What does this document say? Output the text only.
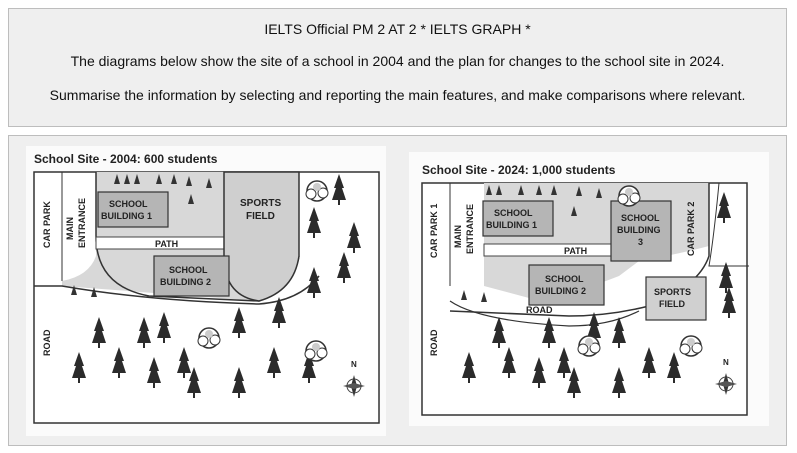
IELTS Official PM 2 AT 2 * IELTS GRAPH *
The diagrams below show the site of a school in 2004 and the plan for changes to the school site in 2024.
Summarise the information by selecting and reporting the main features, and make comparisons where relevant.
School Site - 2004: 600 students
CAR PARK MAIN ENTRANCE	PATH
SPORTS
FIELD
SCHOOL
BUILDING 1
SCHOOL
BUILDING 2
ROAD
N
School Site - 2024: 1,000 students
CAR PARK 1 MAIN ENTRANCE	CAR PARK 2
PATH
SCHOOL
BUILDING 1
SCHOOL
BUILDING 2
SCHOOL
BUILDING
3
SPORTS
FIELD
ROAD
ROAD
N
